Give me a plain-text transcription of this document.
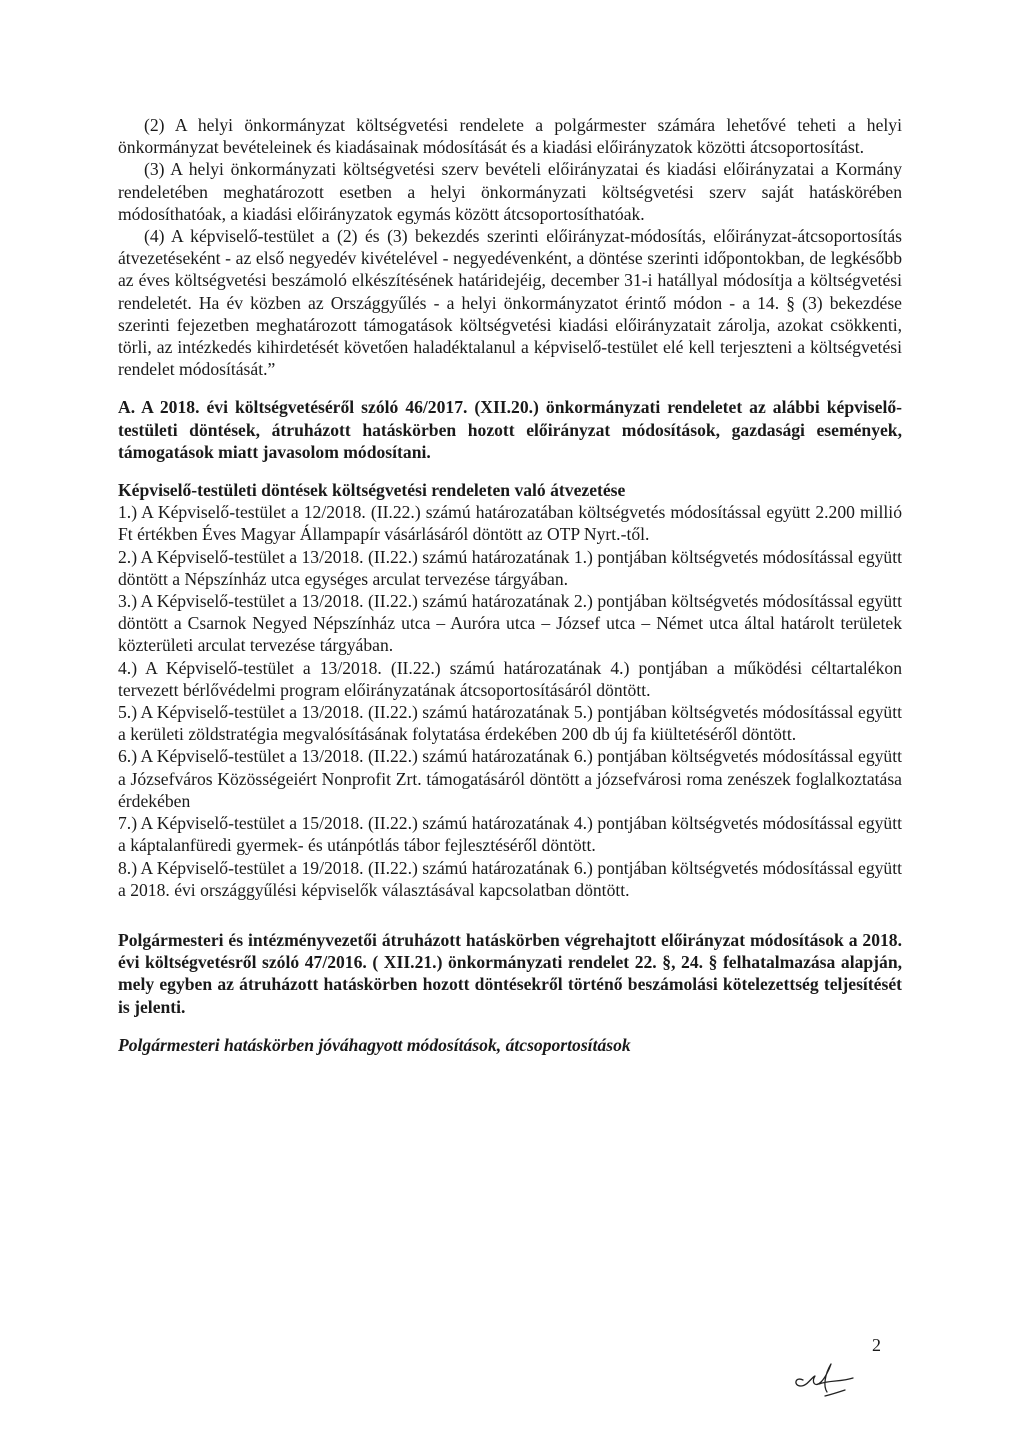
(2) A helyi önkormányzat költségvetési rendelete a polgármester számára lehetővé teheti a helyi önkormányzat bevételeinek és kiadásainak módosítását és a kiadási előirányzatok közötti átcsoportosítást.

(3) A helyi önkormányzati költségvetési szerv bevételi előirányzatai és kiadási előirányzatai a Kormány rendeletében meghatározott esetben a helyi önkormányzati költségvetési szerv saját hatáskörében módosíthatóak, a kiadási előirányzatok egymás között átcsoportosíthatóak.

(4) A képviselő-testület a (2) és (3) bekezdés szerinti előirányzat-módosítás, előirányzat-átcsoportosítás átvezetéseként - az első negyedév kivételével - negyedévenként, a döntése szerinti időpontokban, de legkésőbb az éves költségvetési beszámoló elkészítésének határidejéig, december 31-i hatállyal módosítja a költségvetési rendeletét. Ha év közben az Országgyűlés - a helyi önkormányzatot érintő módon - a 14. § (3) bekezdése szerinti fejezetben meghatározott támogatások költségvetési kiadási előirányzatait zárolja, azokat csökkenti, törli, az intézkedés kihirdetését követően haladéktalanul a képviselő-testület elé kell terjeszteni a költségvetési rendelet módosítását.”

A. A 2018. évi költségvetéséről szóló 46/2017. (XII.20.) önkormányzati rendeletet az alábbi képviselő-testületi döntések, átruházott hatáskörben hozott előirányzat módosítások, gazdasági események, támogatások miatt javasolom módosítani.

Képviselő-testületi döntések költségvetési rendeleten való átvezetése

1.) A Képviselő-testület a 12/2018. (II.22.) számú határozatában költségvetés módosítással együtt 2.200 millió Ft értékben Éves Magyar Állampapír vásárlásáról döntött az OTP Nyrt.-től.

2.) A Képviselő-testület a 13/2018. (II.22.) számú határozatának 1.) pontjában költségvetés módosítással együtt döntött a Népszínház utca egységes arculat tervezése tárgyában.

3.) A Képviselő-testület a 13/2018. (II.22.) számú határozatának 2.) pontjában költségvetés módosítással együtt döntött a Csarnok Negyed Népszínház utca – Auróra utca – József utca – Német utca által határolt területek közterületi arculat tervezése tárgyában.

4.) A Képviselő-testület a 13/2018. (II.22.) számú határozatának 4.) pontjában a működési céltartalékon tervezett bérlővédelmi program előirányzatának átcsoportosításáról döntött.

5.) A Képviselő-testület a 13/2018. (II.22.) számú határozatának 5.) pontjában költségvetés módosítással együtt a kerületi zöldstratégia megvalósításának folytatása érdekében 200 db új fa kiültetéséről döntött.

6.) A Képviselő-testület a 13/2018. (II.22.) számú határozatának 6.) pontjában költségvetés módosítással együtt a Józsefváros Közösségeiért Nonprofit Zrt. támogatásáról döntött a józsefvárosi roma zenészek foglalkoztatása érdekében

7.) A Képviselő-testület a 15/2018. (II.22.) számú határozatának 4.) pontjában költségvetés módosítással együtt a káptalanfüredi gyermek- és utánpótlás tábor fejlesztéséről döntött.

8.) A Képviselő-testület a 19/2018. (II.22.) számú határozatának 6.) pontjában költségvetés módosítással együtt a 2018. évi országgyűlési képviselők választásával kapcsolatban döntött.

Polgármesteri és intézményvezetői átruházott hatáskörben végrehajtott előirányzat módosítások a 2018. évi költségvetésről szóló 47/2016. ( XII.21.) önkormányzati rendelet 22. §, 24. § felhatalmazása alapján, mely egyben az átruházott hatáskörben hozott döntésekről történő beszámolási kötelezettség teljesítését is jelenti.

Polgármesteri hatáskörben jóváhagyott módosítások, átcsoportosítások

2
